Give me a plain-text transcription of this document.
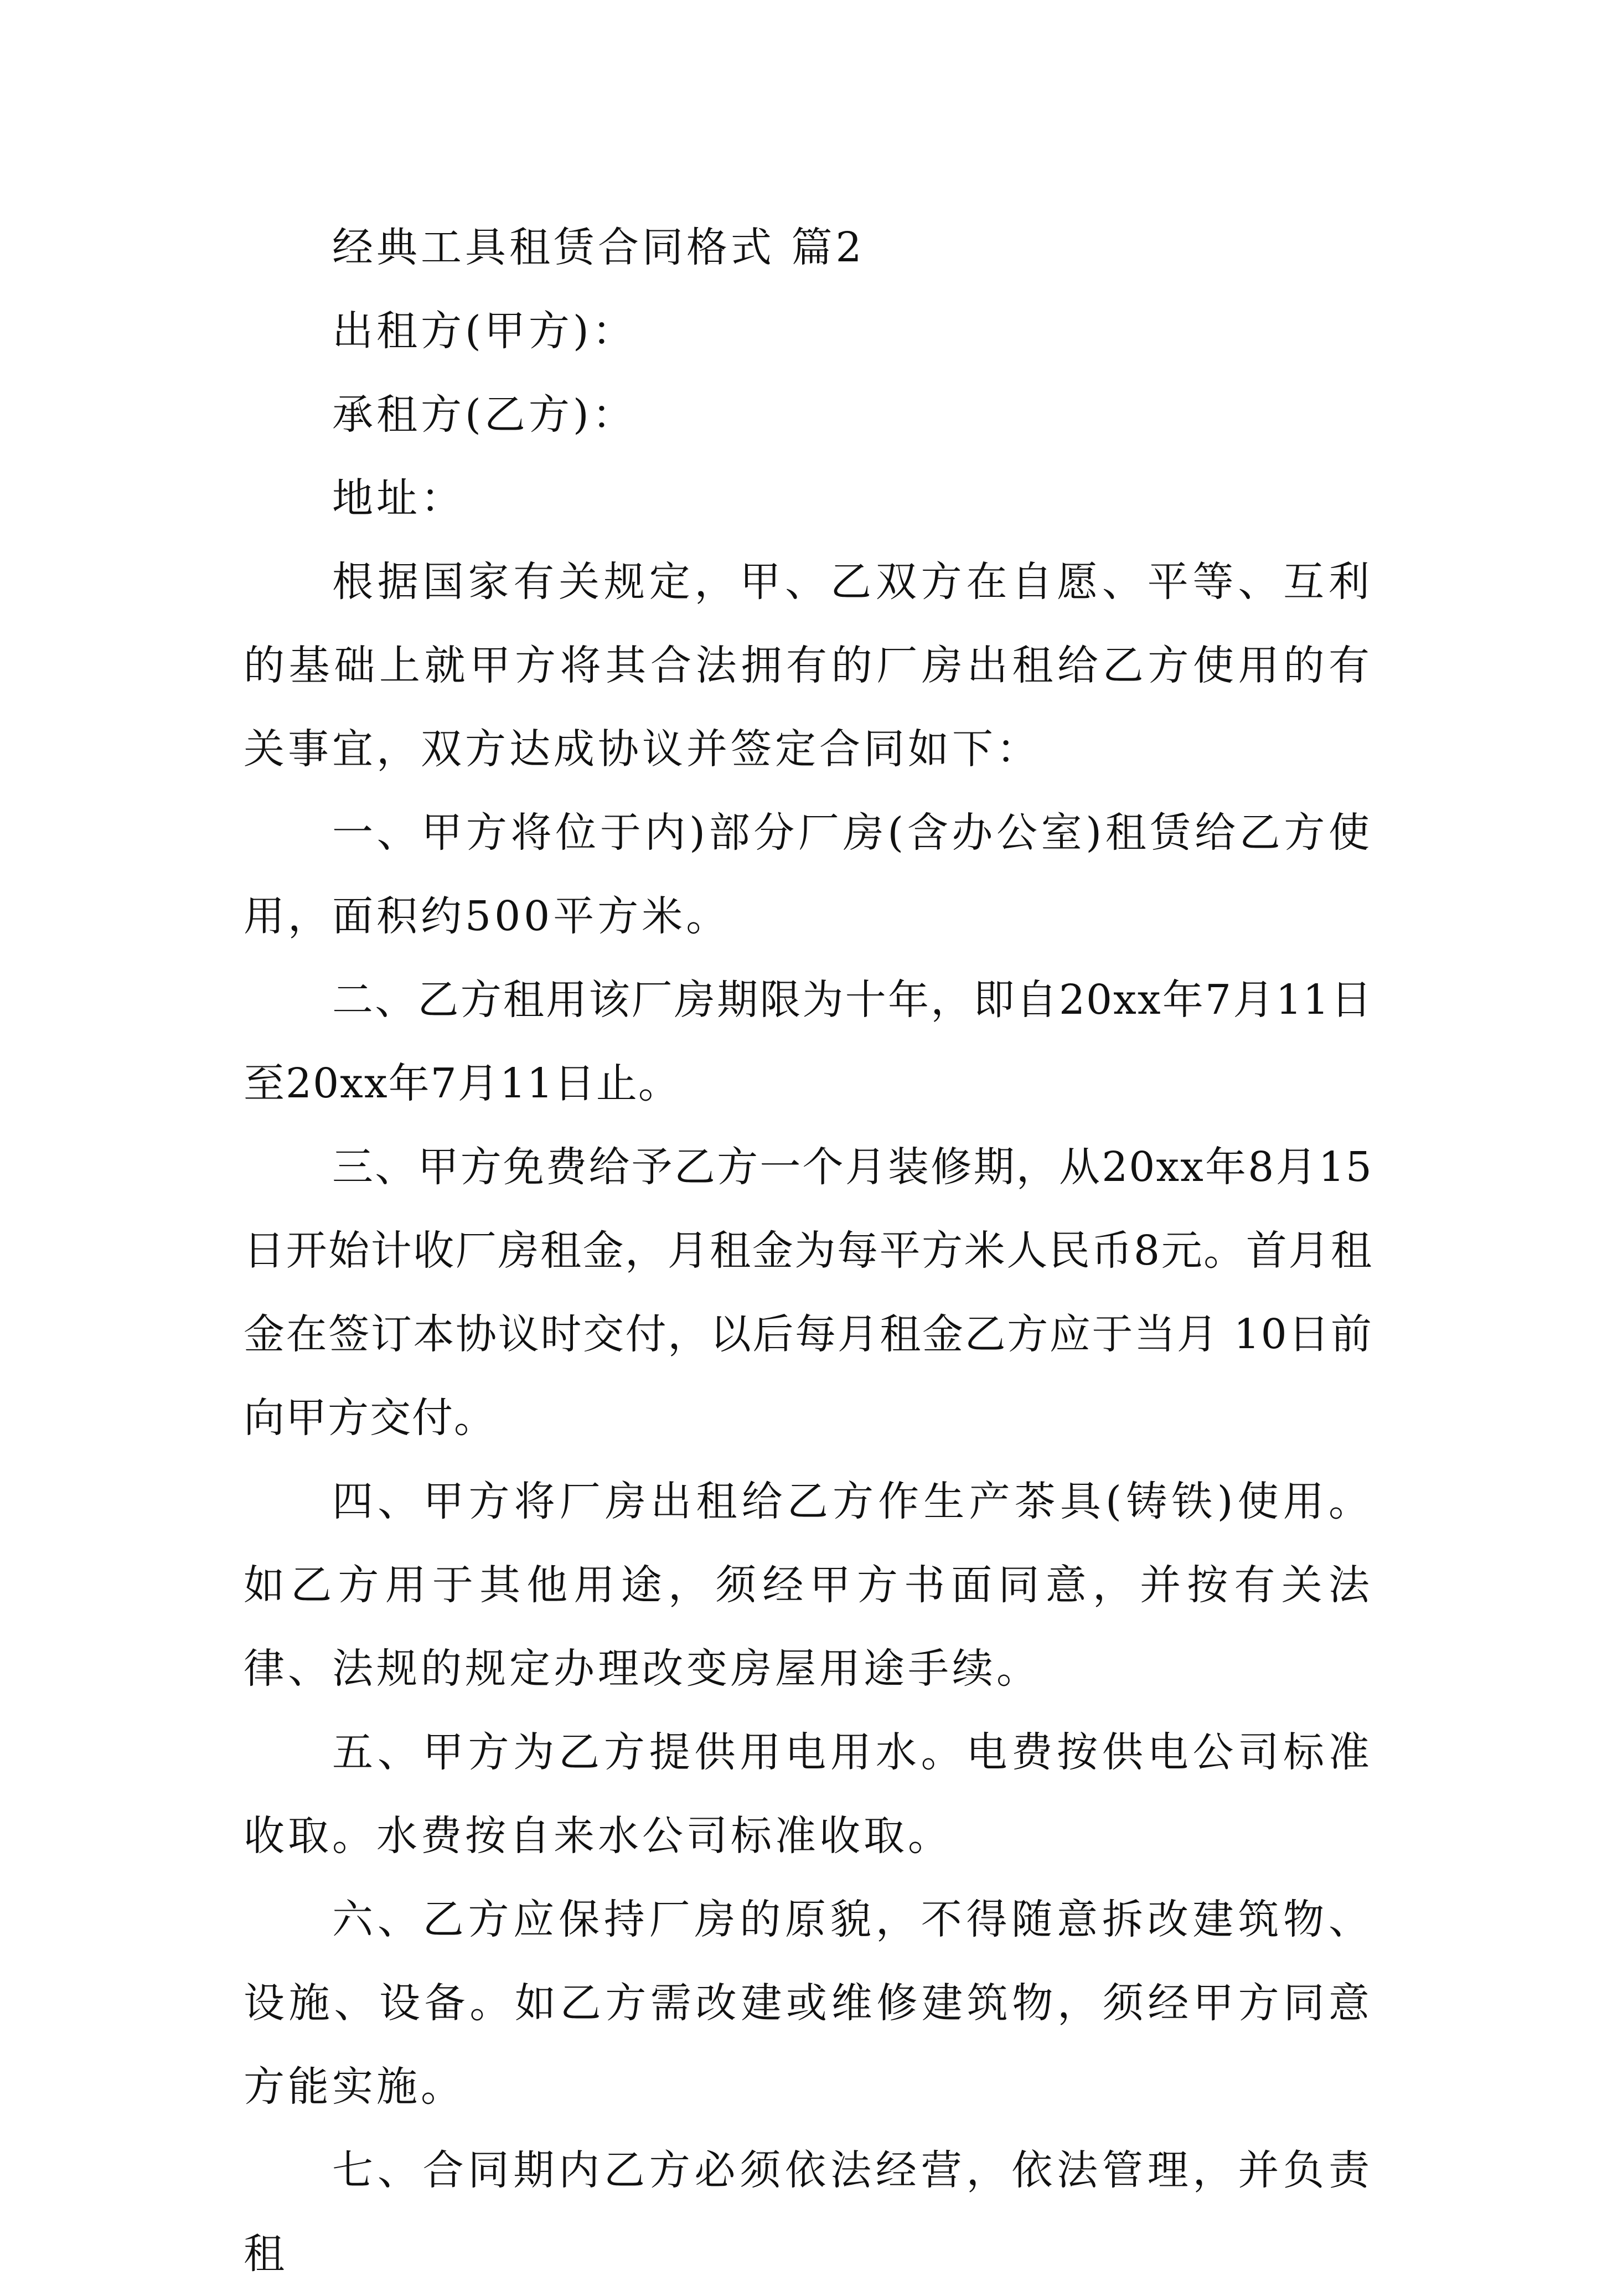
经典工具租赁合同格式 篇2
出租方(甲方)：
承租方(乙方)：
地址：

根据国家有关规定，甲、乙双方在自愿、平等、互利的基础上就甲方将其合法拥有的厂房出租给乙方使用的有关事宜，双方达成协议并签定合同如下：

一、甲方将位于内)部分厂房(含办公室)租赁给乙方使用，面积约500平方米。

二、乙方租用该厂房期限为十年，即自20xx年7月11日至20xx年7月11日止。

三、甲方免费给予乙方一个月装修期，从20xx年8月15日开始计收厂房租金，月租金为每平方米人民币8元。首月租金在签订本协议时交付，以后每月租金乙方应于当月 10日前向甲方交付。

四、甲方将厂房出租给乙方作生产茶具(铸铁)使用。如乙方用于其他用途，须经甲方书面同意，并按有关法律、法规的规定办理改变房屋用途手续。

五、甲方为乙方提供用电用水。电费按供电公司标准收取。水费按自来水公司标准收取。

六、乙方应保持厂房的原貌，不得随意拆改建筑物、设施、设备。如乙方需改建或维修建筑物，须经甲方同意方能实施。

七、合同期内乙方必须依法经营，依法管理，并负责租
